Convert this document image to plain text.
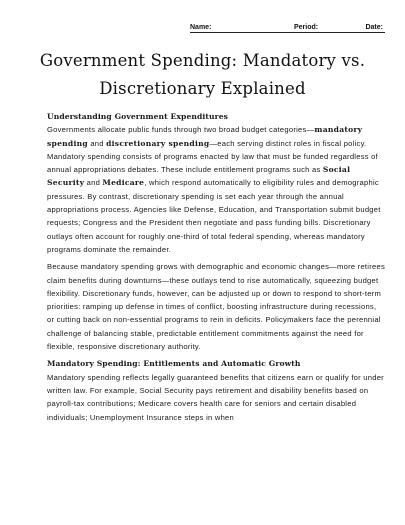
Name:	Period:	Date:
Government Spending: Mandatory vs.
Discretionary Explained

Understanding Government Expenditures

Governments allocate public funds through two broad budget categories—mandatory spending and discretionary spending—each serving distinct roles in fiscal policy. Mandatory spending consists of programs enacted by law that must be funded regardless of annual appropriations debates. These include entitlement programs such as Social Security and Medicare, which respond automatically to eligibility rules and demographic pressures. By contrast, discretionary spending is set each year through the annual appropriations process. Agencies like Defense, Education, and Transportation submit budget requests; Congress and the President then negotiate and pass funding bills. Discretionary outlays often account for roughly one-third of total federal spending, whereas mandatory programs dominate the remainder.

Because mandatory spending grows with demographic and economic changes—more retirees claim benefits during downturns—these outlays tend to rise automatically, squeezing budget flexibility. Discretionary funds, however, can be adjusted up or down to respond to short-term priorities: ramping up defense in times of conflict, boosting infrastructure during recessions, or cutting back on non-essential programs to rein in deficits. Policymakers face the perennial challenge of balancing stable, predictable entitlement commitments against the need for flexible, responsive discretionary authority.

Mandatory Spending: Entitlements and Automatic Growth

Mandatory spending reflects legally guaranteed benefits that citizens earn or qualify for under written law. For example, Social Security pays retirement and disability benefits based on payroll-tax contributions; Medicare covers health care for seniors and certain disabled individuals; Unemployment Insurance steps in when
